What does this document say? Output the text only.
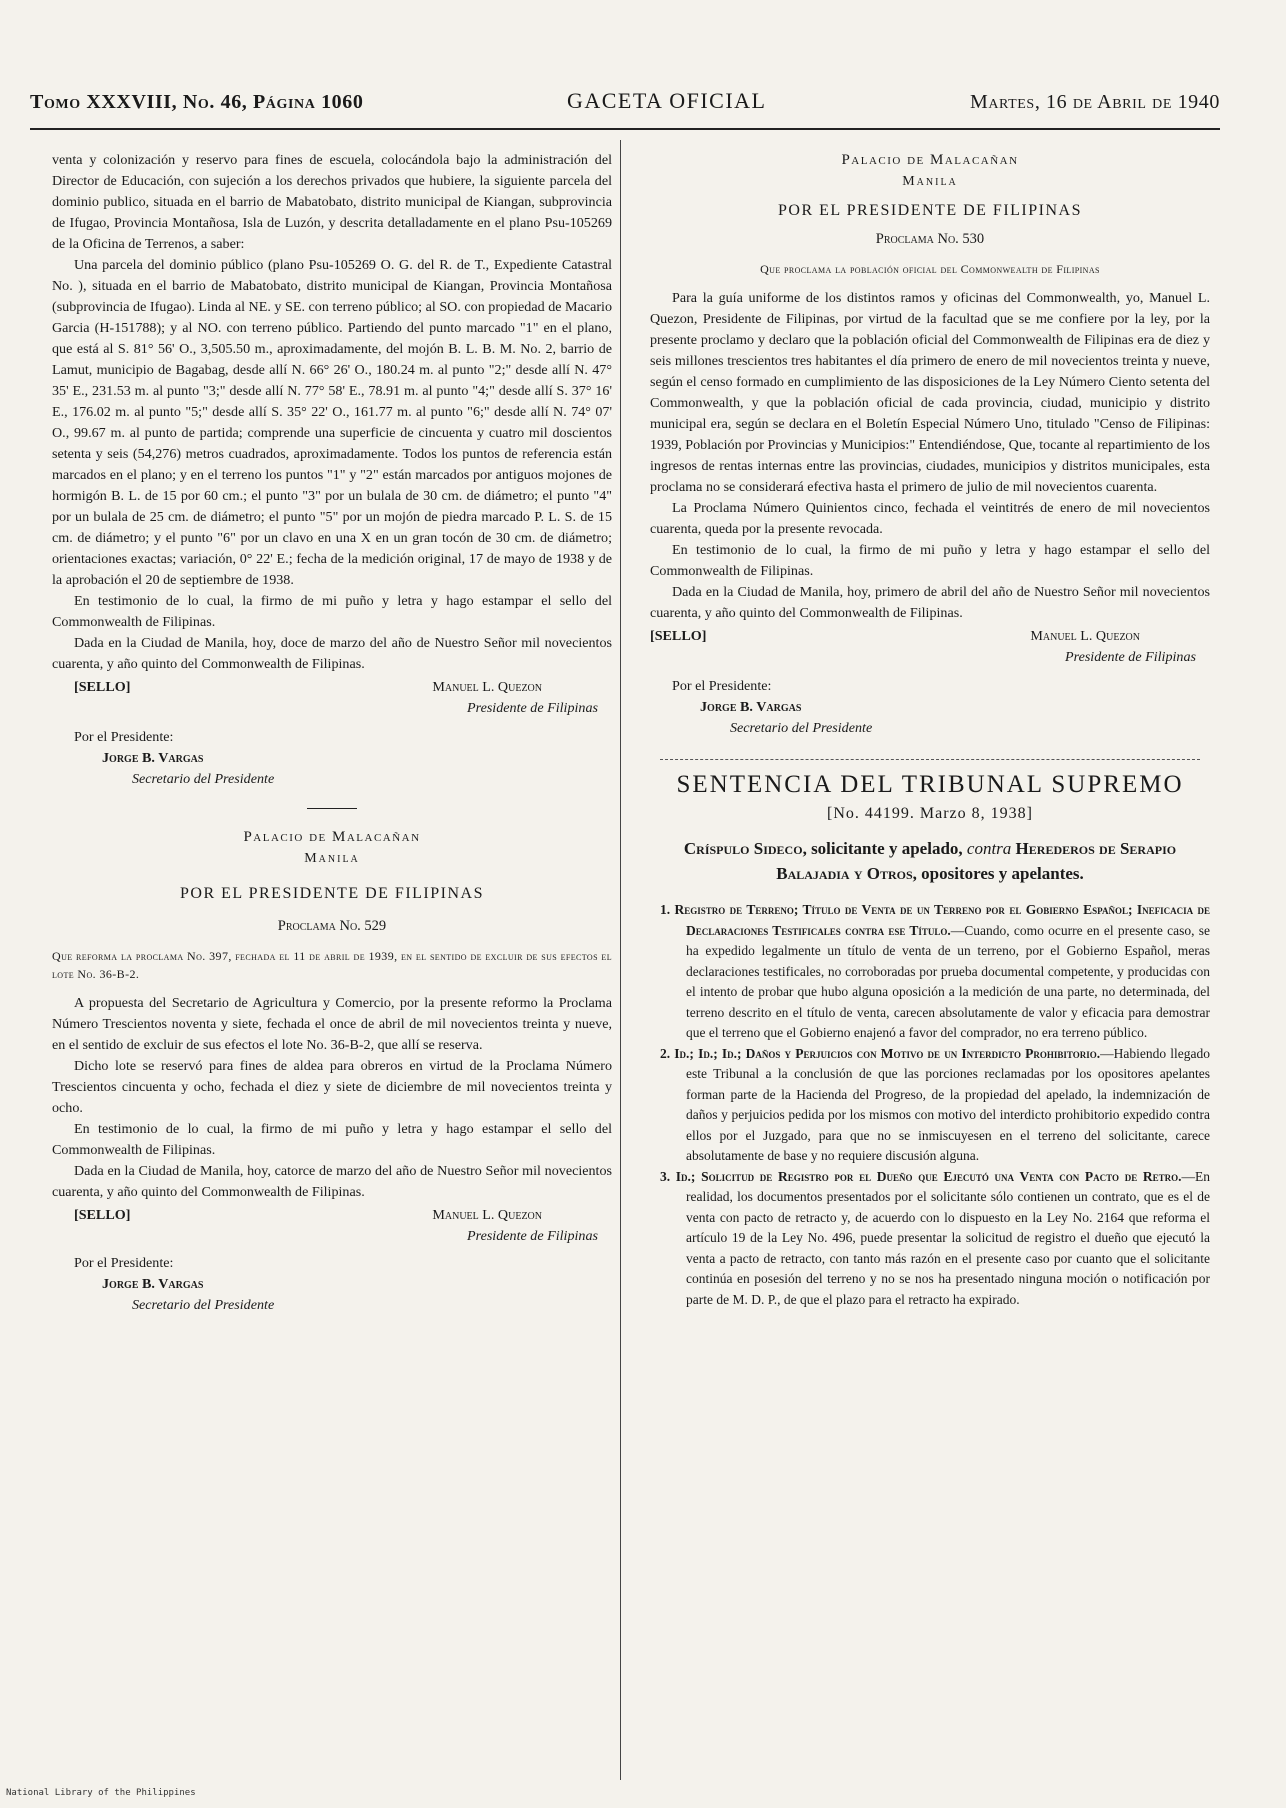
Tomo XXXVIII, No. 46, Página 1060	GACETA OFICIAL	Martes, 16 de Abril de 1940

venta y colonización y reservo para fines de escuela, colocándola bajo la administración del Director de Educación, con sujeción a los derechos privados que hubiere, la siguiente parcela del dominio publico, situada en el barrio de Mabatobato, distrito municipal de Kiangan, subprovincia de Ifugao, Provincia Montañosa, Isla de Luzón, y descrita detalladamente en el plano Psu-105269 de la Oficina de Terrenos, a saber:

Una parcela del dominio público (plano Psu-105269 O. G. del R. de T., Expediente Catastral No. ), situada en el barrio de Mabatobato, distrito municipal de Kiangan, Provincia Montañosa (subprovincia de Ifugao). Linda al NE. y SE. con terreno público; al SO. con propiedad de Macario Garcia (H-151788); y al NO. con terreno público. Partiendo del punto marcado "1" en el plano, que está al S. 81° 56' O., 3,505.50 m., aproximadamente, del mojón B. L. B. M. No. 2, barrio de Lamut, municipio de Bagabag, desde allí N. 66° 26' O., 180.24 m. al punto "2;" desde allí N. 47° 35' E., 231.53 m. al punto "3;" desde allí N. 77° 58' E., 78.91 m. al punto "4;" desde allí S. 37° 16' E., 176.02 m. al punto "5;" desde allí S. 35° 22' O., 161.77 m. al punto "6;" desde allí N. 74° 07' O., 99.67 m. al punto de partida; comprende una superficie de cincuenta y cuatro mil doscientos setenta y seis (54,276) metros cuadrados, aproximadamente. Todos los puntos de referencia están marcados en el plano; y en el terreno los puntos "1" y "2" están marcados por antiguos mojones de hormigón B. L. de 15 por 60 cm.; el punto "3" por un bulala de 30 cm. de diámetro; el punto "4" por un bulala de 25 cm. de diámetro; el punto "5" por un mojón de piedra marcado P. L. S. de 15 cm. de diámetro; y el punto "6" por un clavo en una X en un gran tocón de 30 cm. de diámetro; orientaciones exactas; variación, 0° 22' E.; fecha de la medición original, 17 de mayo de 1938 y de la aprobación el 20 de septiembre de 1938.

En testimonio de lo cual, la firmo de mi puño y letra y hago estampar el sello del Commonwealth de Filipinas.

Dada en la Ciudad de Manila, hoy, doce de marzo del año de Nuestro Señor mil novecientos cuarenta, y año quinto del Commonwealth de Filipinas.

[SELLO]	Manuel L. Quezon
Presidente de Filipinas
Por el Presidente:
Jorge B. Vargas
Secretario del Presidente
Palacio de Malacañan
Manila
POR EL PRESIDENTE DE FILIPINAS
Proclama No. 529
Que reforma la proclama No. 397, fechada el 11 de abril de 1939, en el sentido de excluir de sus efectos el lote No. 36-B-2.

A propuesta del Secretario de Agricultura y Comercio, por la presente reformo la Proclama Número Trescientos noventa y siete, fechada el once de abril de mil novecientos treinta y nueve, en el sentido de excluir de sus efectos el lote No. 36-B-2, que allí se reserva.

Dicho lote se reservó para fines de aldea para obreros en virtud de la Proclama Número Trescientos cincuenta y ocho, fechada el diez y siete de diciembre de mil novecientos treinta y ocho.

En testimonio de lo cual, la firmo de mi puño y letra y hago estampar el sello del Commonwealth de Filipinas.

Dada en la Ciudad de Manila, hoy, catorce de marzo del año de Nuestro Señor mil novecientos cuarenta, y año quinto del Commonwealth de Filipinas.

[SELLO]	Manuel L. Quezon
Presidente de Filipinas
Por el Presidente:
Jorge B. Vargas
Secretario del Presidente
Palacio de Malacañan
Manila
POR EL PRESIDENTE DE FILIPINAS
Proclama No. 530
Que proclama la población oficial del Commonwealth de Filipinas

Para la guía uniforme de los distintos ramos y oficinas del Commonwealth, yo, Manuel L. Quezon, Presidente de Filipinas, por virtud de la facultad que se me confiere por la ley, por la presente proclamo y declaro que la población oficial del Commonwealth de Filipinas era de diez y seis millones trescientos tres habitantes el día primero de enero de mil novecientos treinta y nueve, según el censo formado en cumplimiento de las disposiciones de la Ley Número Ciento setenta del Commonwealth, y que la población oficial de cada provincia, ciudad, municipio y distrito municipal era, según se declara en el Boletín Especial Número Uno, titulado "Censo de Filipinas: 1939, Población por Provincias y Municipios:" Entendiéndose, Que, tocante al repartimiento de los ingresos de rentas internas entre las provincias, ciudades, municipios y distritos municipales, esta proclama no se considerará efectiva hasta el primero de julio de mil novecientos cuarenta.

La Proclama Número Quinientos cinco, fechada el veintitrés de enero de mil novecientos cuarenta, queda por la presente revocada.

En testimonio de lo cual, la firmo de mi puño y letra y hago estampar el sello del Commonwealth de Filipinas.

Dada en la Ciudad de Manila, hoy, primero de abril del año de Nuestro Señor mil novecientos cuarenta, y año quinto del Commonwealth de Filipinas.

[SELLO]	Manuel L. Quezon
Presidente de Filipinas
Por el Presidente:
Jorge B. Vargas
Secretario del Presidente
SENTENCIA DEL TRIBUNAL SUPREMO
[No. 44199. Marzo 8, 1938]
Críspulo Sideco, solicitante y apelado, contra Herederos de Serapio Balajadia y Otros, opositores y apelantes.

1. Registro de Terreno; Título de Venta de un Terreno por el Gobierno Español; Ineficacia de Declaraciones Testificales contra ese Título.—Cuando, como ocurre en el presente caso, se ha expedido legalmente un título de venta de un terreno, por el Gobierno Español, meras declaraciones testificales, no corroboradas por prueba documental competente, y producidas con el intento de probar que hubo alguna oposición a la medición de una parte, no determinada, del terreno descrito en el título de venta, carecen absolutamente de valor y eficacia para demostrar que el terreno que el Gobierno enajenó a favor del comprador, no era terreno público.

2. Id.; Id.; Id.; Daños y Perjuicios con Motivo de un Interdicto Prohibitorio.—Habiendo llegado este Tribunal a la conclusión de que las porciones reclamadas por los opositores apelantes forman parte de la Hacienda del Progreso, de la propiedad del apelado, la indemnización de daños y perjuicios pedida por los mismos con motivo del interdicto prohibitorio expedido contra ellos por el Juzgado, para que no se inmiscuyesen en el terreno del solicitante, carece absolutamente de base y no requiere discusión alguna.

3. Id.; Solicitud de Registro por el Dueño que Ejecutó una Venta con Pacto de Retro.—En realidad, los documentos presentados por el solicitante sólo contienen un contrato, que es el de venta con pacto de retracto y, de acuerdo con lo dispuesto en la Ley No. 2164 que reforma el artículo 19 de la Ley No. 496, puede presentar la solicitud de registro el dueño que ejecutó la venta a pacto de retracto, con tanto más razón en el presente caso por cuanto que el solicitante continúa en posesión del terreno y no se nos ha presentado ninguna moción o notificación por parte de M. D. P., de que el plazo para el retracto ha expirado.

National Library of the Philippines
